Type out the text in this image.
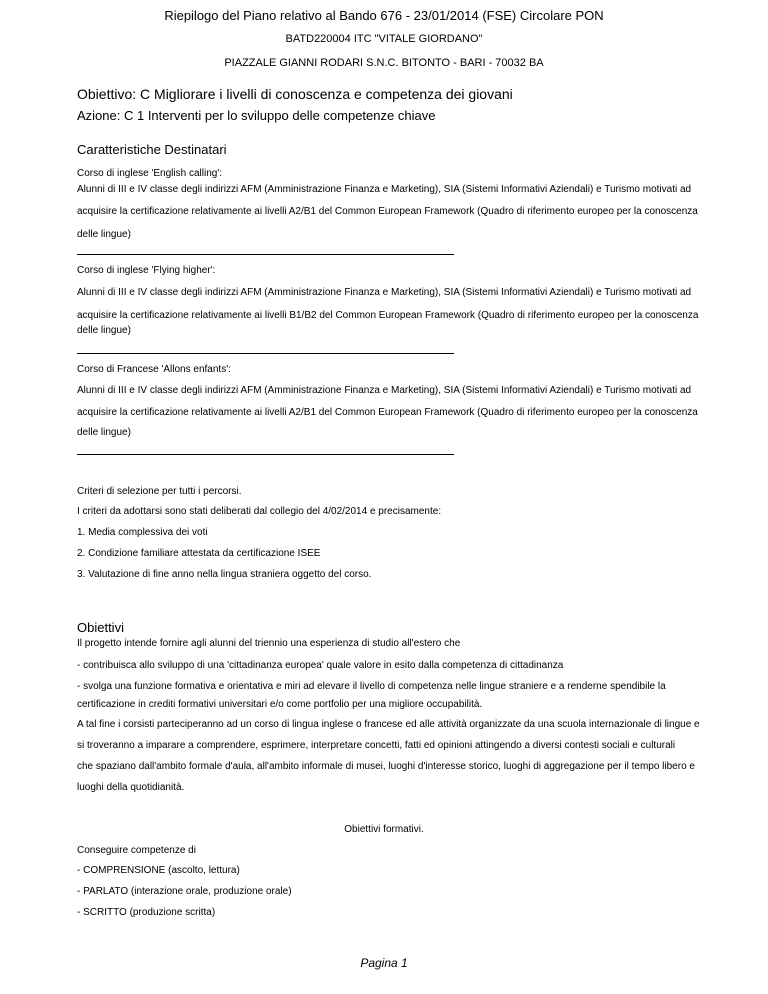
Riepilogo del Piano relativo al Bando 676 - 23/01/2014 (FSE) Circolare PON
BATD220004 ITC "VITALE GIORDANO"
PIAZZALE GIANNI RODARI S.N.C. BITONTO - BARI - 70032 BA
Obiettivo: C Migliorare i livelli di conoscenza e competenza dei giovani
Azione: C 1 Interventi per lo sviluppo delle competenze chiave
Caratteristiche Destinatari
Corso di inglese 'English calling':
Alunni di III e IV classe degli indirizzi AFM (Amministrazione Finanza e Marketing), SIA (Sistemi Informativi Aziendali) e Turismo motivati ad
acquisire la certificazione relativamente ai livelli A2/B1 del Common European Framework (Quadro di riferimento europeo per la conoscenza
delle lingue)
Corso di inglese 'Flying higher':
Alunni di III e IV classe degli indirizzi AFM (Amministrazione Finanza e Marketing), SIA (Sistemi Informativi Aziendali) e Turismo motivati ad
acquisire la certificazione relativamente ai livelli B1/B2 del Common European Framework (Quadro di riferimento europeo per la conoscenza
delle lingue)
Corso di Francese 'Allons enfants':
Alunni di III e IV classe degli indirizzi AFM (Amministrazione Finanza e Marketing), SIA (Sistemi Informativi Aziendali) e Turismo motivati ad
acquisire la certificazione relativamente ai livelli A2/B1 del Common European Framework (Quadro di riferimento europeo per la conoscenza
delle lingue)
Criteri di selezione per tutti i percorsi.
I criteri da adottarsi sono stati deliberati dal collegio del 4/02/2014 e precisamente:
1. Media complessiva dei voti
2. Condizione familiare attestata da certificazione ISEE
3. Valutazione di fine anno nella lingua straniera oggetto del corso.
Obiettivi
Il progetto intende fornire agli alunni del triennio una esperienza di studio all'estero che
- contribuisca allo sviluppo di una 'cittadinanza europea' quale valore in esito dalla competenza di cittadinanza
- svolga una funzione formativa e orientativa e miri ad elevare il livello di competenza nelle lingue straniere e a renderne spendibile la
certificazione in crediti formativi universitari e/o come portfolio per una migliore occupabilità.
A tal fine i corsisti parteciperanno ad un corso di lingua inglese o francese ed alle attività organizzate da una scuola internazionale di lingue e
si troveranno a imparare a comprendere, esprimere, interpretare concetti, fatti ed opinioni attingendo a diversi contesti sociali e culturali
che spaziano dall'ambito formale d'aula, all'ambito informale di musei, luoghi d'interesse storico, luoghi di aggregazione per il tempo libero e
luoghi della quotidianità.
Obiettivi formativi.
Conseguire competenze di
- COMPRENSIONE (ascolto, lettura)
- PARLATO (interazione orale, produzione orale)
- SCRITTO (produzione scritta)
Pagina 1
